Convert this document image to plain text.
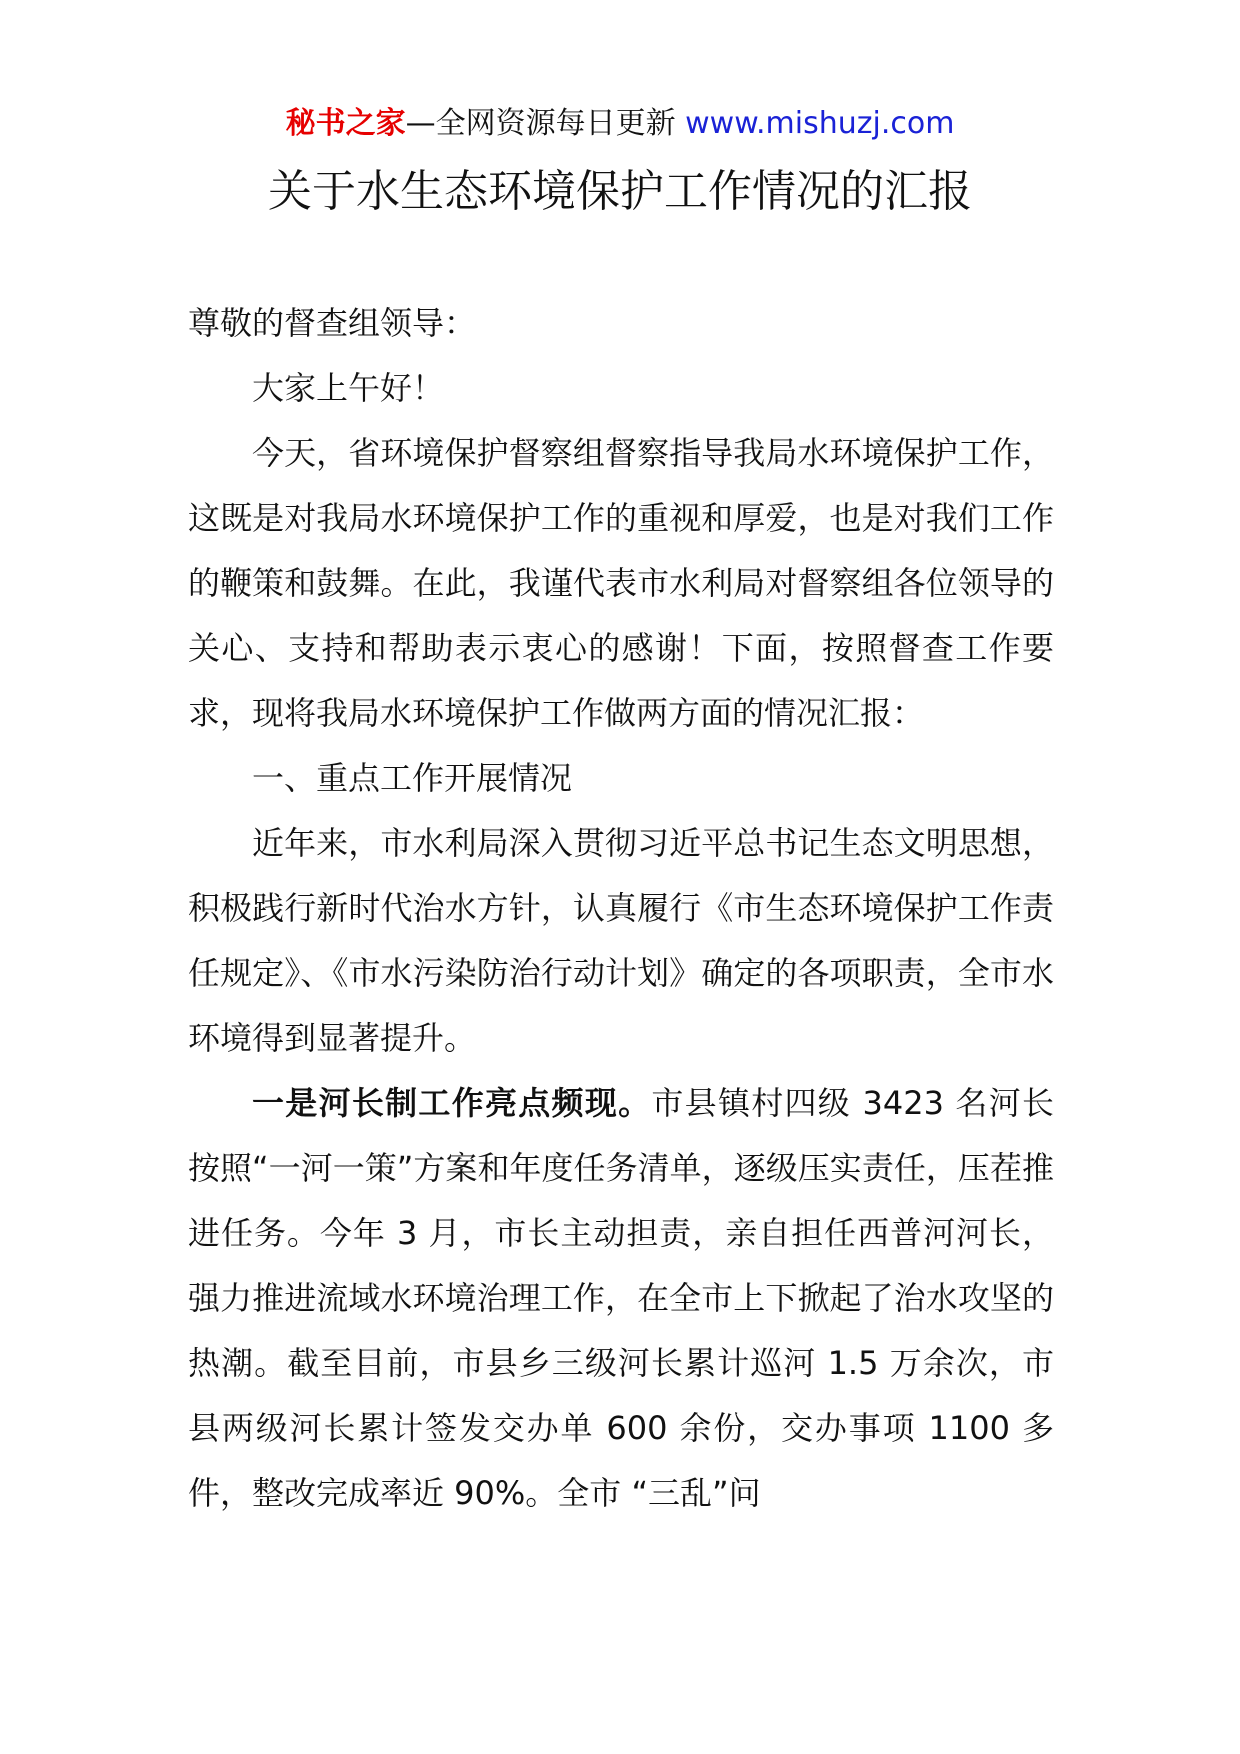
秘书之家—全网资源每日更新 www.mishuzj.com
关于水生态环境保护工作情况的汇报

尊敬的督查组领导：

大家上午好！

今天，省环境保护督察组督察指导我局水环境保护工作，这既是对我局水环境保护工作的重视和厚爱，也是对我们工作的鞭策和鼓舞。在此，我谨代表市水利局对督察组各位领导的关心、支持和帮助表示衷心的感谢！下面，按照督查工作要求，现将我局水环境保护工作做两方面的情况汇报：

一、重点工作开展情况

近年来，市水利局深入贯彻习近平总书记生态文明思想，积极践行新时代治水方针，认真履行《市生态环境保护工作责任规定》、《市水污染防治行动计划》确定的各项职责，全市水环境得到显著提升。

一是河长制工作亮点频现。市县镇村四级 3423 名河长按照“一河一策”方案和年度任务清单，逐级压实责任，压茬推进任务。今年 3 月，市长主动担责，亲自担任西普河河长，强力推进流域水环境治理工作，在全市上下掀起了治水攻坚的热潮。截至目前，市县乡三级河长累计巡河 1.5 万余次，市县两级河长累计签发交办单 600 余份，交办事项 1100 多件，整改完成率近 90%。全市 “三乱”问
